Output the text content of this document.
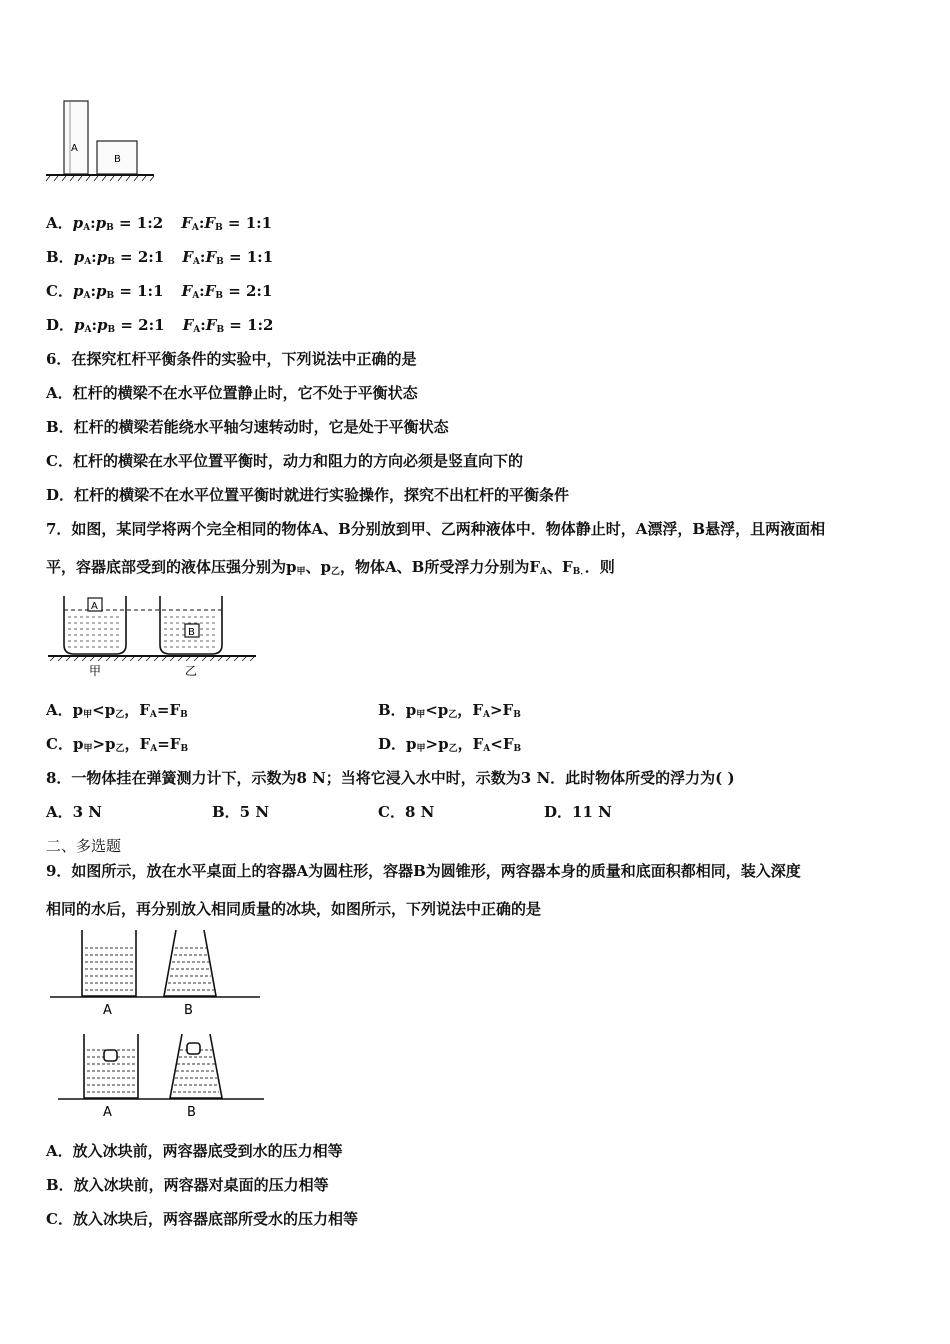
A
B
A．$p_A:p_B$ = 1:2 $F_A:F_B$ = 1:1
B．$p_A:p_B$ = 2:1 $F_A:F_B$ = 1:1
C．$p_A:p_B$ = 1:1 $F_A:F_B$ = 2:1
D．$p_A:p_B$ = 2:1 $F_A:F_B$ = 1:2
6．在探究杠杆平衡条件的实验中，下列说法中正确的是
A．杠杆的横梁不在水平位置静止时，它不处于平衡状态
B．杠杆的横梁若能绕水平轴匀速转动时，它是处于平衡状态
C．杠杆的横梁在水平位置平衡时，动力和阻力的方向必须是竖直向下的
D．杠杆的横梁不在水平位置平衡时就进行实验操作，探究不出杠杆的平衡条件
7．如图，某同学将两个完全相同的物体A、B分别放到甲、乙两种液体中．物体静止时，A漂浮，B悬浮，且两液面相
平，容器底部受到的液体压强分别为$p_甲$、$p_乙$，物体A、B所受浮力分别为$F_A$、$F_{B.}$．则
A
B
甲	乙
A．$p_甲<p_乙$，$F_A=F_B$	B．$p_甲<p_乙$，$F_A>F_B$
C．$p_甲>p_乙$，$F_A=F_B$	D．$p_甲>p_乙$，$F_A<F_B$
8．一物体挂在弹簧测力计下，示数为8 N；当将它浸入水中时，示数为3 N．此时物体所受的浮力为( )
A．3 N	B．5 N	C．8 N	D．11 N
二、多选题
9．如图所示，放在水平桌面上的容器A为圆柱形，容器B为圆锥形，两容器本身的质量和底面积都相同，装入深度
相同的水后，再分别放入相同质量的冰块，如图所示，下列说法中正确的是
A	B
A	B
A．放入冰块前，两容器底受到水的压力相等
B．放入冰块前，两容器对桌面的压力相等
C．放入冰块后，两容器底部所受水的压力相等
